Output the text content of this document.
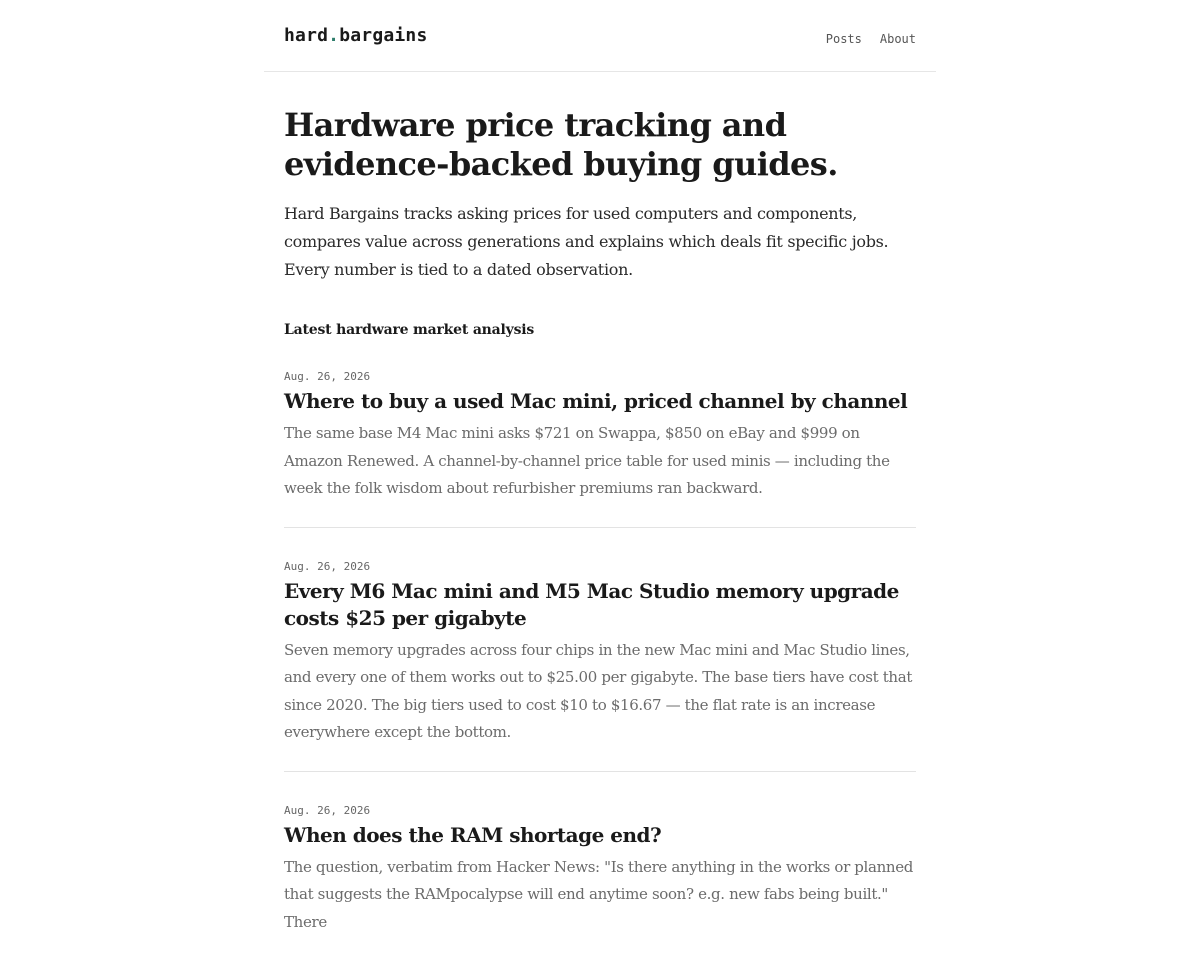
hard . bargains	Posts About
Hardware price tracking and evidence-backed buying guides.

Hard Bargains tracks asking prices for used computers and components, compares value across generations and explains which deals fit specific jobs. Every number is tied to a dated observation.

Latest hardware market analysis
Aug. 26, 2026
Where to buy a used Mac mini, priced channel by channel

The same base M4 Mac mini asks $721 on Swappa, $850 on eBay and $999 on Amazon Renewed. A channel-by-channel price table for used minis — including the week the folk wisdom about refurbisher premiums ran backward.

Aug. 26, 2026
Every M6 Mac mini and M5 Mac Studio memory upgrade costs $25 per gigabyte

Seven memory upgrades across four chips in the new Mac mini and Mac Studio lines, and every one of them works out to $25.00 per gigabyte. The base tiers have cost that since 2020. The big tiers used to cost $10 to $16.67 — the flat rate is an increase everywhere except the bottom.

Aug. 26, 2026
When does the RAM shortage end?

The question, verbatim from Hacker News: "Is there anything in the works or planned that suggests the RAMpocalypse will end anytime soon? e.g. new fabs being built." There
